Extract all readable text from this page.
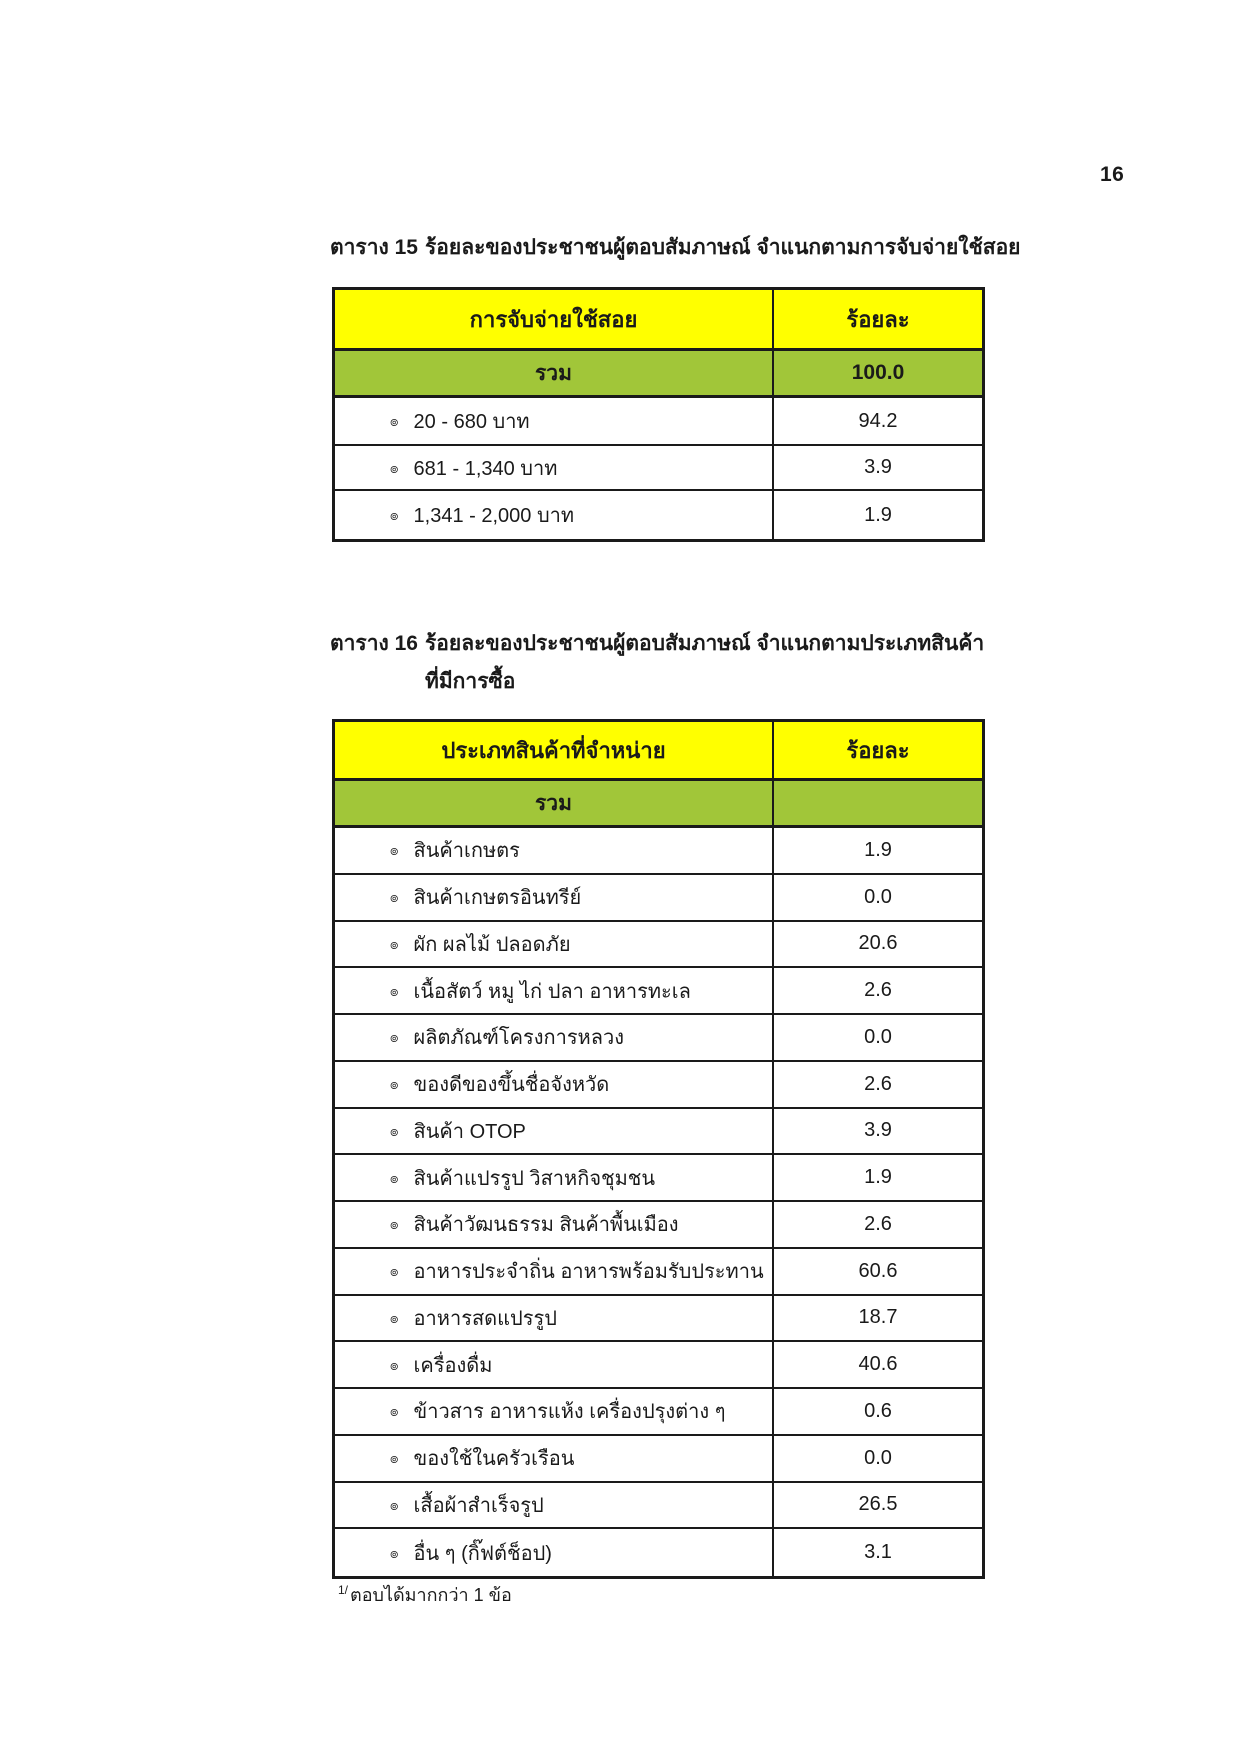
16
ตาราง 15 ร้อยละของประชาชนผู้ตอบสัมภาษณ์ จำแนกตามการจับจ่ายใช้สอย
การจับจ่ายใช้สอย	ร้อยละ
รวม	100.0
๏ 20 - 680 บาท	94.2
๏ 681 - 1,340 บาท	3.9
๏ 1,341 - 2,000 บาท	1.9
ตาราง 16 ร้อยละของประชาชนผู้ตอบสัมภาษณ์ จำแนกตามประเภทสินค้า
ที่มีการซื้อ
ประเภทสินค้าที่จำหน่าย	ร้อยละ
รวม
๏ สินค้าเกษตร	1.9
๏ สินค้าเกษตรอินทรีย์	0.0
๏ ผัก ผลไม้ ปลอดภัย	20.6
๏ เนื้อสัตว์ หมู ไก่ ปลา อาหารทะเล	2.6
๏ ผลิตภัณฑ์โครงการหลวง	0.0
๏ ของดีของขึ้นชื่อจังหวัด	2.6
๏ สินค้า OTOP	3.9
๏ สินค้าแปรรูป วิสาหกิจชุมชน	1.9
๏ สินค้าวัฒนธรรม สินค้าพื้นเมือง	2.6
๏ อาหารประจำถิ่น อาหารพร้อมรับประทาน	60.6
๏ อาหารสดแปรรูป	18.7
๏ เครื่องดื่ม	40.6
๏ ข้าวสาร อาหารแห้ง เครื่องปรุงต่าง ๆ	0.6
๏ ของใช้ในครัวเรือน	0.0
๏ เสื้อผ้าสำเร็จรูป	26.5
๏ อื่น ๆ (กิ๊ฟต์ช็อป)	3.1
$^{1/}$ ตอบได้มากกว่า 1 ข้อ
